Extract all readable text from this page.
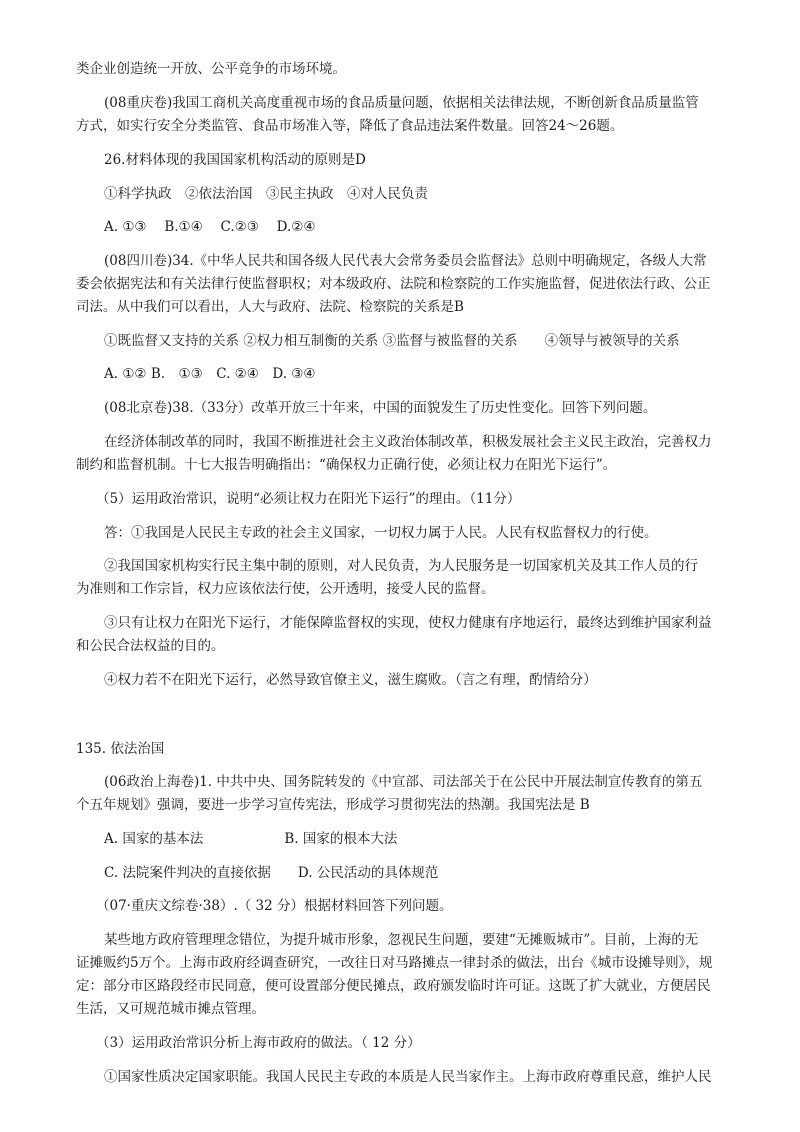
类企业创造统一开放、公平竞争的市场环境。
(08重庆卷)我国工商机关高度重视市场的食品质量问题，依据相关法律法规，不断创新食品质量监管
方式，如实行安全分类监管、食品市场准入等，降低了食品违法案件数量。回答24～26题。
26.材料体现的我国国家机构活动的原则是D
①科学执政　②依法治国　③民主执政　④对人民负责
A. ①③　 B.①④　 C.②③　 D.②④
(08四川卷)34.《中华人民共和国各级人民代表大会常务委员会监督法》总则中明确规定，各级人大常
委会依据宪法和有关法律行使监督职权；对本级政府、法院和检察院的工作实施监督，促进依法行政、公正
司法。从中我们可以看出，人大与政府、法院、检察院的关系是B
①既监督又支持的关系 ②权力相互制衡的关系 ③监督与被监督的关系　　④领导与被领导的关系
A. ①② B.　①③　C. ②④　D. ③④
(08北京卷)38.（33分）改革开放三十年来，中国的面貌发生了历史性变化。回答下列问题。
在经济体制改革的同时，我国不断推进社会主义政治体制改革，积极发展社会主义民主政治，完善权力
制约和监督机制。十七大报告明确指出：“确保权力正确行使，必须让权力在阳光下运行”。
（5）运用政治常识，说明“必须让权力在阳光下运行”的理由。（11分）
答：①我国是人民民主专政的社会主义国家，一切权力属于人民。人民有权监督权力的行使。
②我国国家机构实行民主集中制的原则，对人民负责，为人民服务是一切国家机关及其工作人员的行
为准则和工作宗旨，权力应该依法行使，公开透明，接受人民的监督。
③只有让权力在阳光下运行，才能保障监督权的实现，使权力健康有序地运行，最终达到维护国家利益
和公民合法权益的目的。
④权力若不在阳光下运行，必然导致官僚主义，滋生腐败。（言之有理，酌情给分）
135. 依法治国
(06政治上海卷)1. 中共中央、国务院转发的《中宣部、司法部关于在公民中开展法制宣传教育的第五
个五年规划》强调，要进一步学习宣传宪法，形成学习贯彻宪法的热潮。我国宪法是 B
A. 国家的基本法　　　　　　B. 国家的根本大法
C. 法院案件判决的直接依据　　D. 公民活动的具体规范
（07·重庆文综卷·38）.（ 32 分）根据材料回答下列问题。
某些地方政府管理理念错位，为提升城市形象，忽视民生问题，要建“无摊贩城市”。目前，上海的无
证摊贩约5万个。上海市政府经调查研究，一改往日对马路摊点一律封杀的做法，出台《城市设摊导则》，规
定：部分市区路段经市民同意，便可设置部分便民摊点，政府颁发临时许可证。这既了扩大就业，方便居民
生活，又可规范城市摊点管理。
（3）运用政治常识分析上海市政府的做法。（ 12 分）
①国家性质决定国家职能。我国人民民主专政的本质是人民当家作主。上海市政府尊重民意，维护人民
